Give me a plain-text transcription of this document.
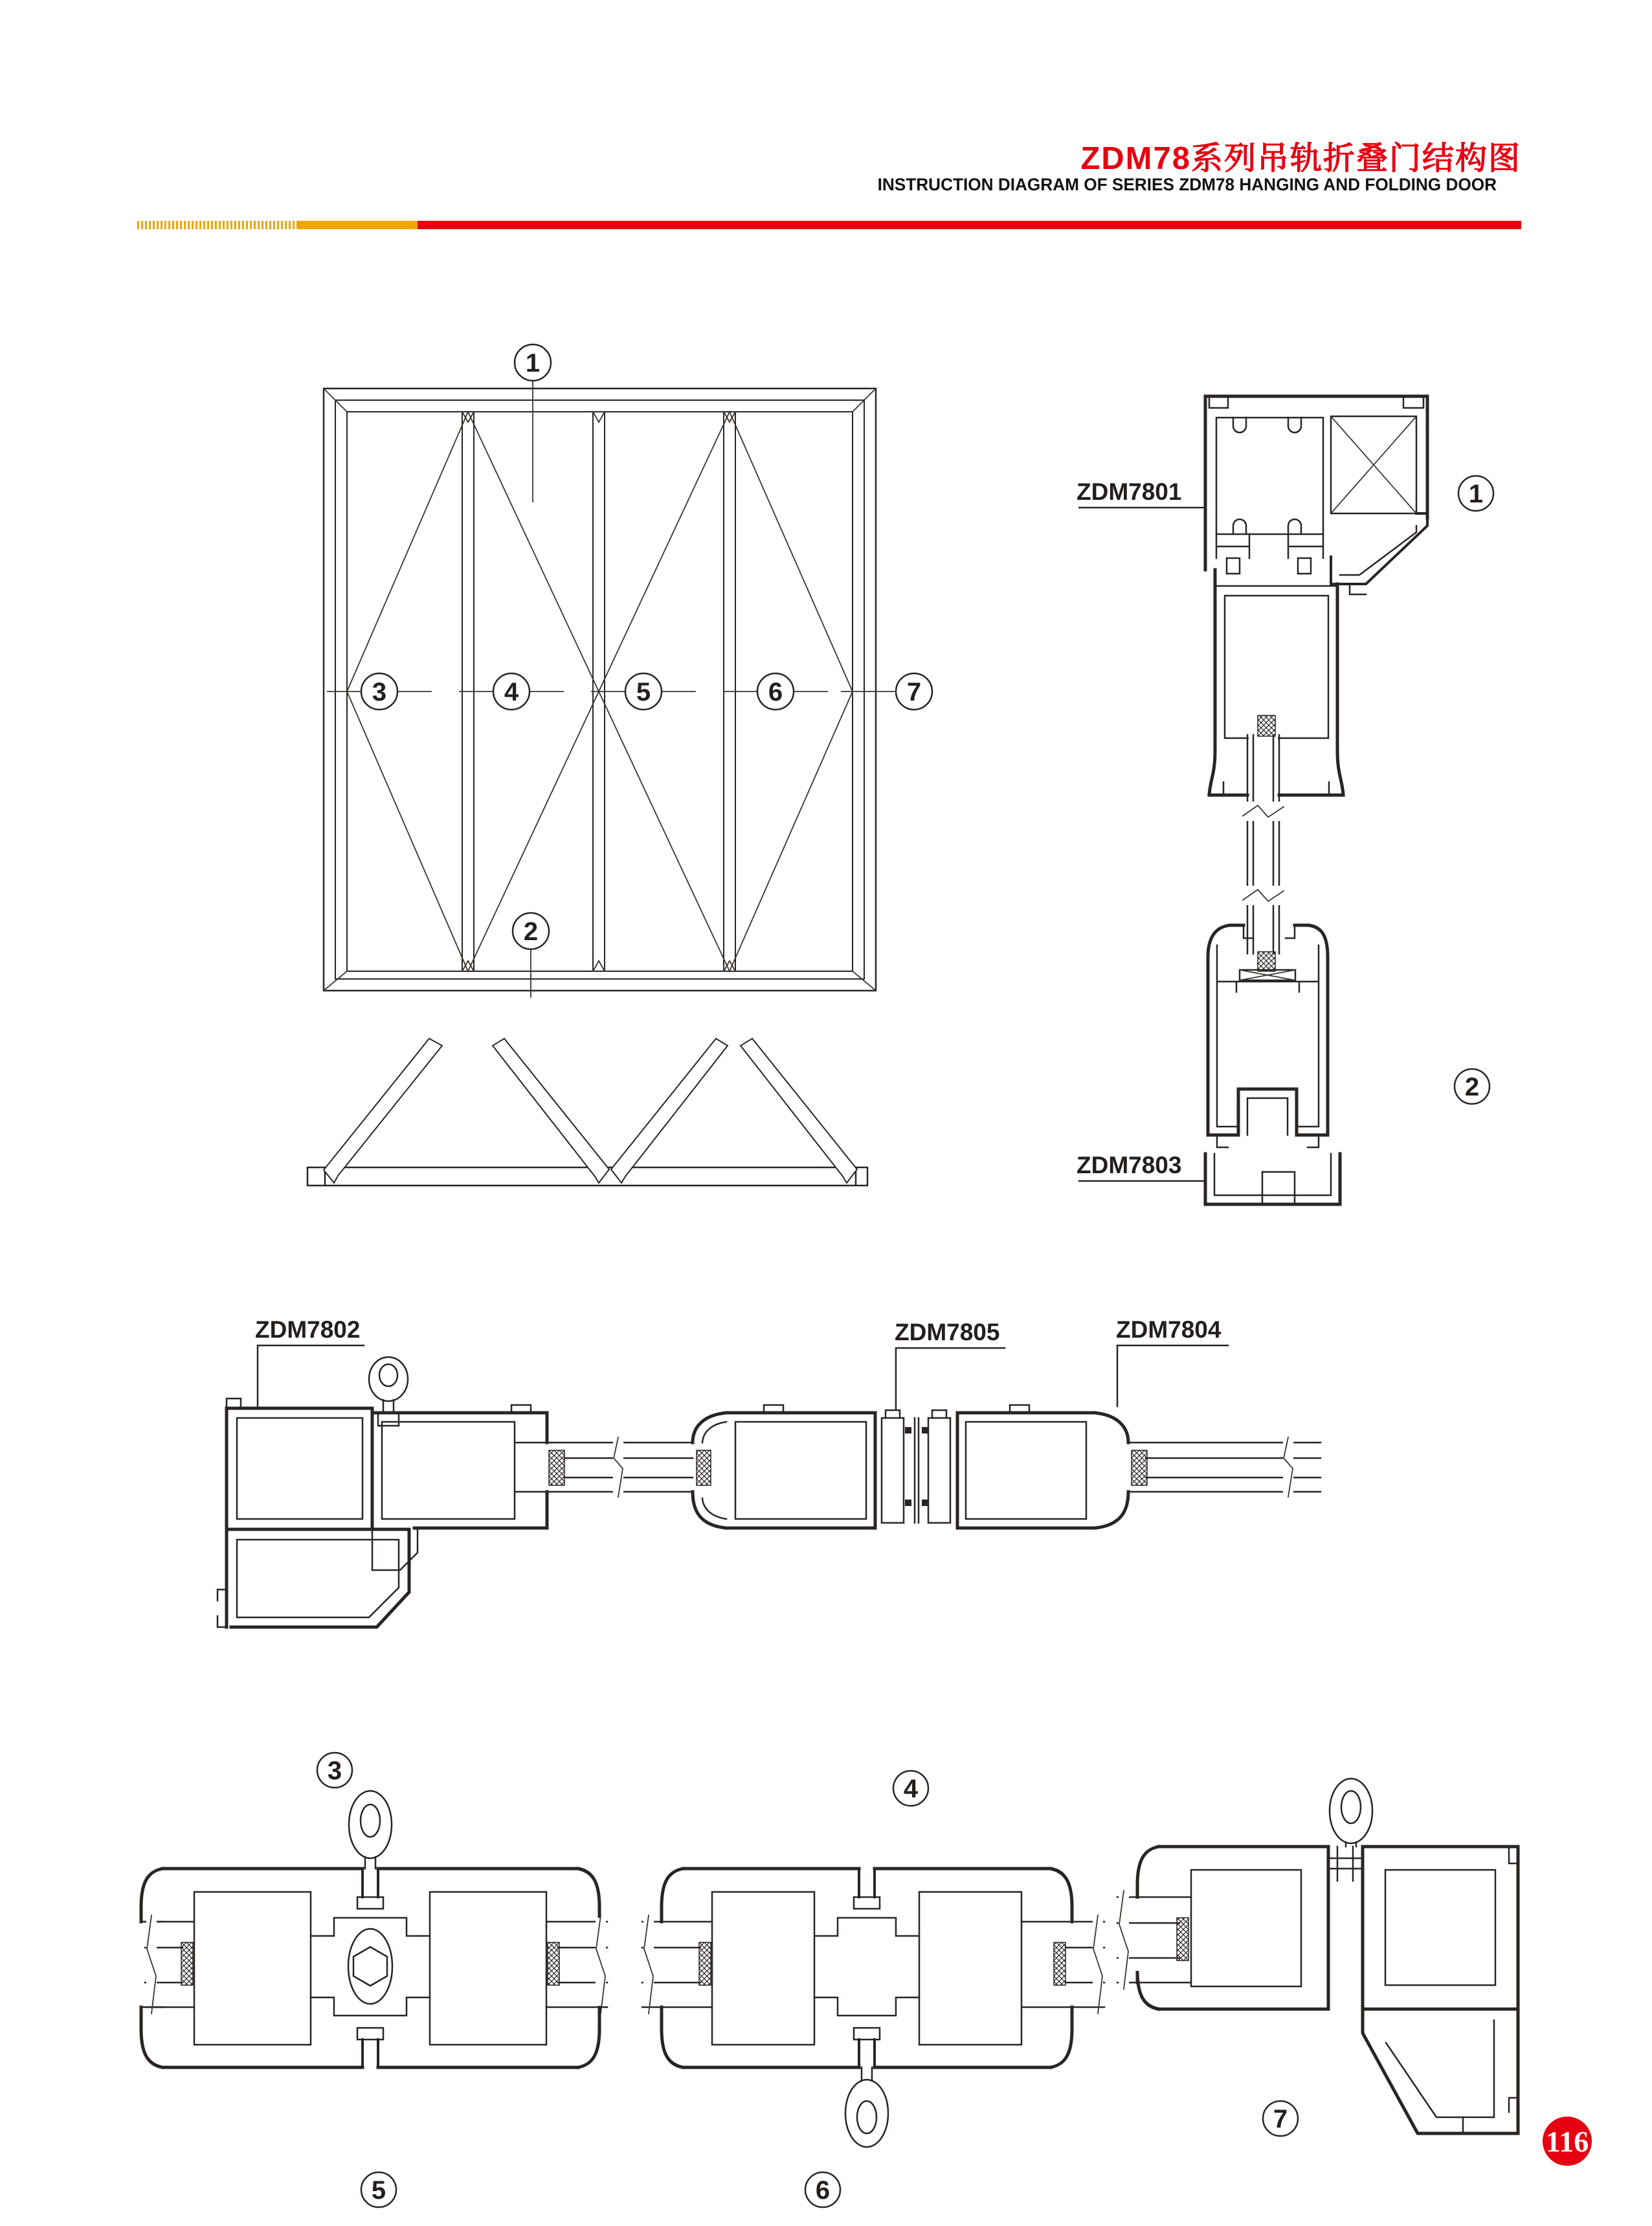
ZDM78系列吊轨折叠门结构图
INSTRUCTION DIAGRAM OF SERIES ZDM78 HANGING AND FOLDING DOOR
1
2
3	4	5	6	7
1
ZDM7801
ZDM7803
2
ZDM7802
3
ZDM7805	ZDM7804
4
5	6
7
116
